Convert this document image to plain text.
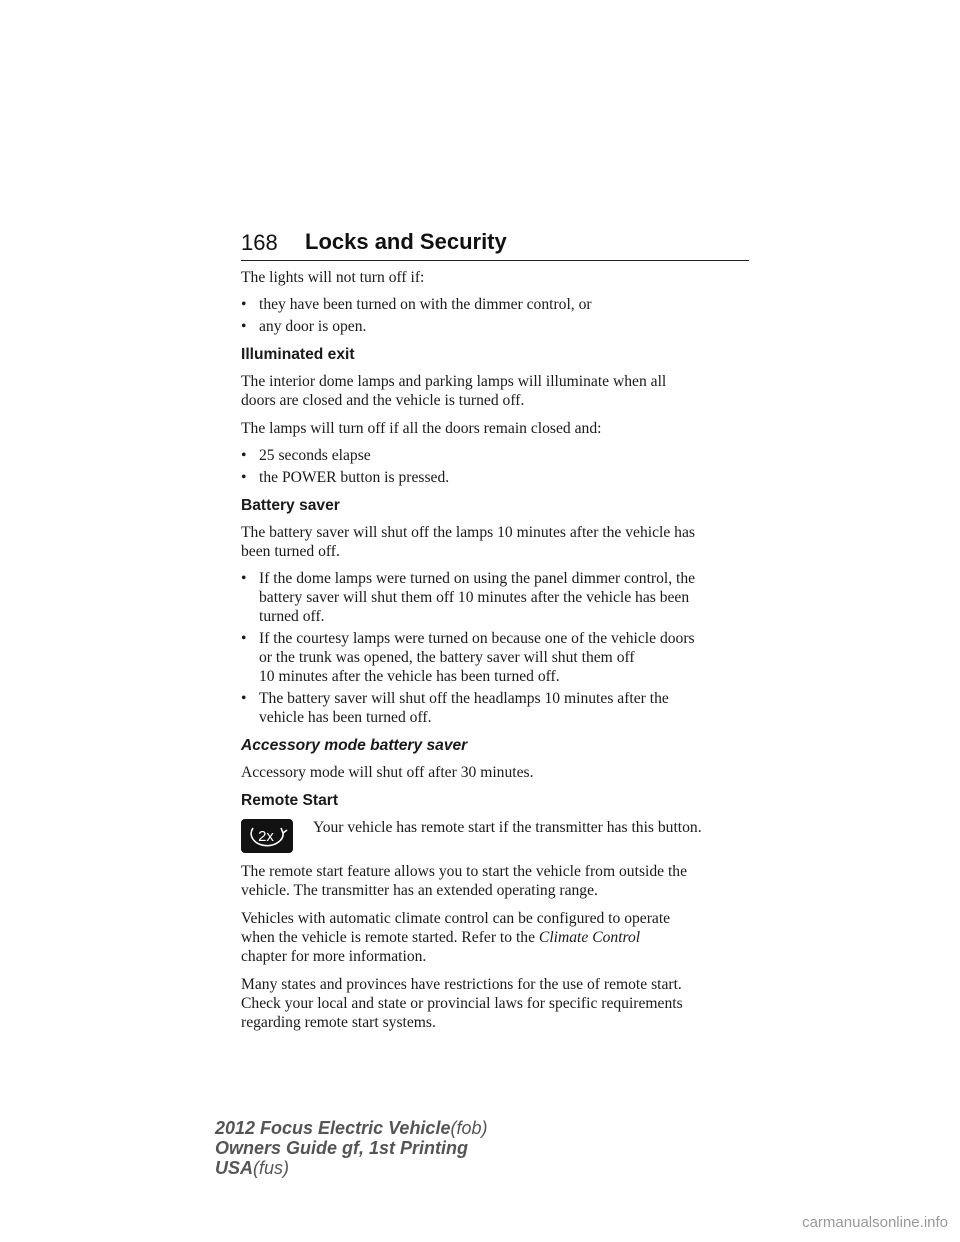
168 Locks and Security

The lights will not turn off if:

• they have been turned on with the dimmer control, or
• any door is open.
Illuminated exit

The interior dome lamps and parking lamps will illuminate when all
doors are closed and the vehicle is turned off.

The lamps will turn off if all the doors remain closed and:

• 25 seconds elapse
• the POWER button is pressed.
Battery saver

The battery saver will shut off the lamps 10 minutes after the vehicle has
been turned off.

• If the dome lamps were turned on using the panel dimmer control, the
battery saver will shut them off 10 minutes after the vehicle has been
turned off.
• If the courtesy lamps were turned on because one of the vehicle doors
or the trunk was opened, the battery saver will shut them off
10 minutes after the vehicle has been turned off.
• The battery saver will shut off the headlamps 10 minutes after the
vehicle has been turned off.
Accessory mode battery saver

Accessory mode will shut off after 30 minutes.

Remote Start
2x

Your vehicle has remote start if the transmitter has this button.

The remote start feature allows you to start the vehicle from outside the
vehicle. The transmitter has an extended operating range.

Vehicles with automatic climate control can be configured to operate
when the vehicle is remote started. Refer to the Climate Control
chapter for more information.

Many states and provinces have restrictions for the use of remote start.
Check your local and state or provincial laws for specific requirements
regarding remote start systems.

2012 Focus Electric Vehicle(fob)
Owners Guide gf, 1st Printing
USA(fus)
carmanualsonline.info
